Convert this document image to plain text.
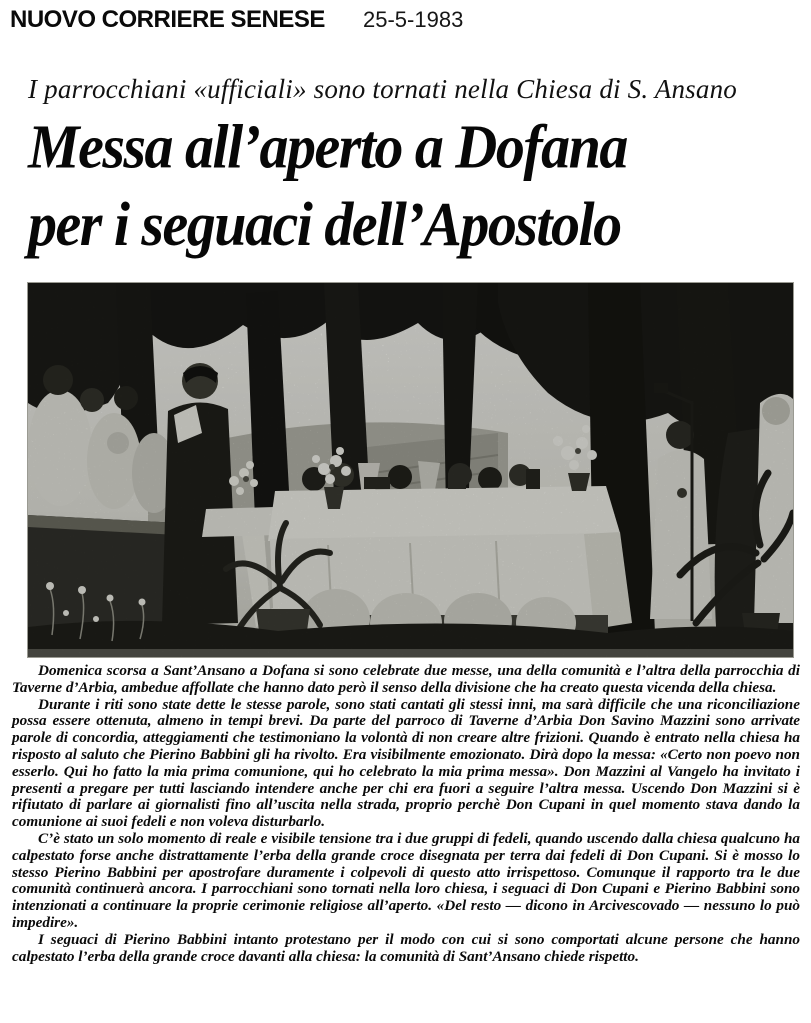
NUOVO CORRIERE SENESE 25-5-1983
I parrocchiani «ufficiali» sono tornati nella Chiesa di S. Ansano
Messa all’aperto a Dofana
per i seguaci dell’Apostolo

Domenica scorsa a Sant’Ansano a Dofana si sono celebrate due messe, una della comunità e l’altra della parrocchia di Taverne d’Arbia, ambedue affollate che hanno dato però il senso della divisione che ha creato questa vicenda della chiesa.

Durante i riti sono state dette le stesse parole, sono stati cantati gli stessi inni, ma sarà difficile che una riconciliazione possa essere ottenuta, almeno in tempi brevi. Da parte del parroco di Taverne d’Arbia Don Savino Mazzini sono arrivate parole di concordia, atteggiamenti che testimoniano la volontà di non creare altre frizioni. Quando è entrato nella chiesa ha risposto al saluto che Pierino Babbini gli ha rivolto. Era visibilmente emozionato. Dirà dopo la messa: «Certo non poevo non esserlo. Qui ho fatto la mia prima comunione, qui ho celebrato la mia prima messa». Don Mazzini al Vangelo ha invitato i presenti a pregare per tutti lasciando intendere anche per chi era fuori a seguire l’altra messa. Uscendo Don Mazzini si è rifiutato di parlare ai giornalisti fino all’uscita nella strada, proprio perchè Don Cupani in quel momento stava dando la comunione ai suoi fedeli e non voleva disturbarlo.

C’è stato un solo momento di reale e visibile tensione tra i due gruppi di fedeli, quando uscendo dalla chiesa qualcuno ha calpestato forse anche distrattamente l’erba della grande croce disegnata per terra dai fedeli di Don Cupani. Si è mosso lo stesso Pierino Babbini per apostrofare duramente i colpevoli di questo atto irrispettoso. Comunque il rapporto tra le due comunità continuerà ancora. I parrocchiani sono tornati nella loro chiesa, i seguaci di Don Cupani e Pierino Babbini sono intenzionati a continuare la proprie cerimonie religiose all’aperto. «Del resto — dicono in Arcivescovado — nessuno lo può impedire».

I seguaci di Pierino Babbini intanto protestano per il modo con cui si sono comportati alcune persone che hanno calpestato l’erba della grande croce davanti alla chiesa: la comunità di Sant’Ansano chiede rispetto.
